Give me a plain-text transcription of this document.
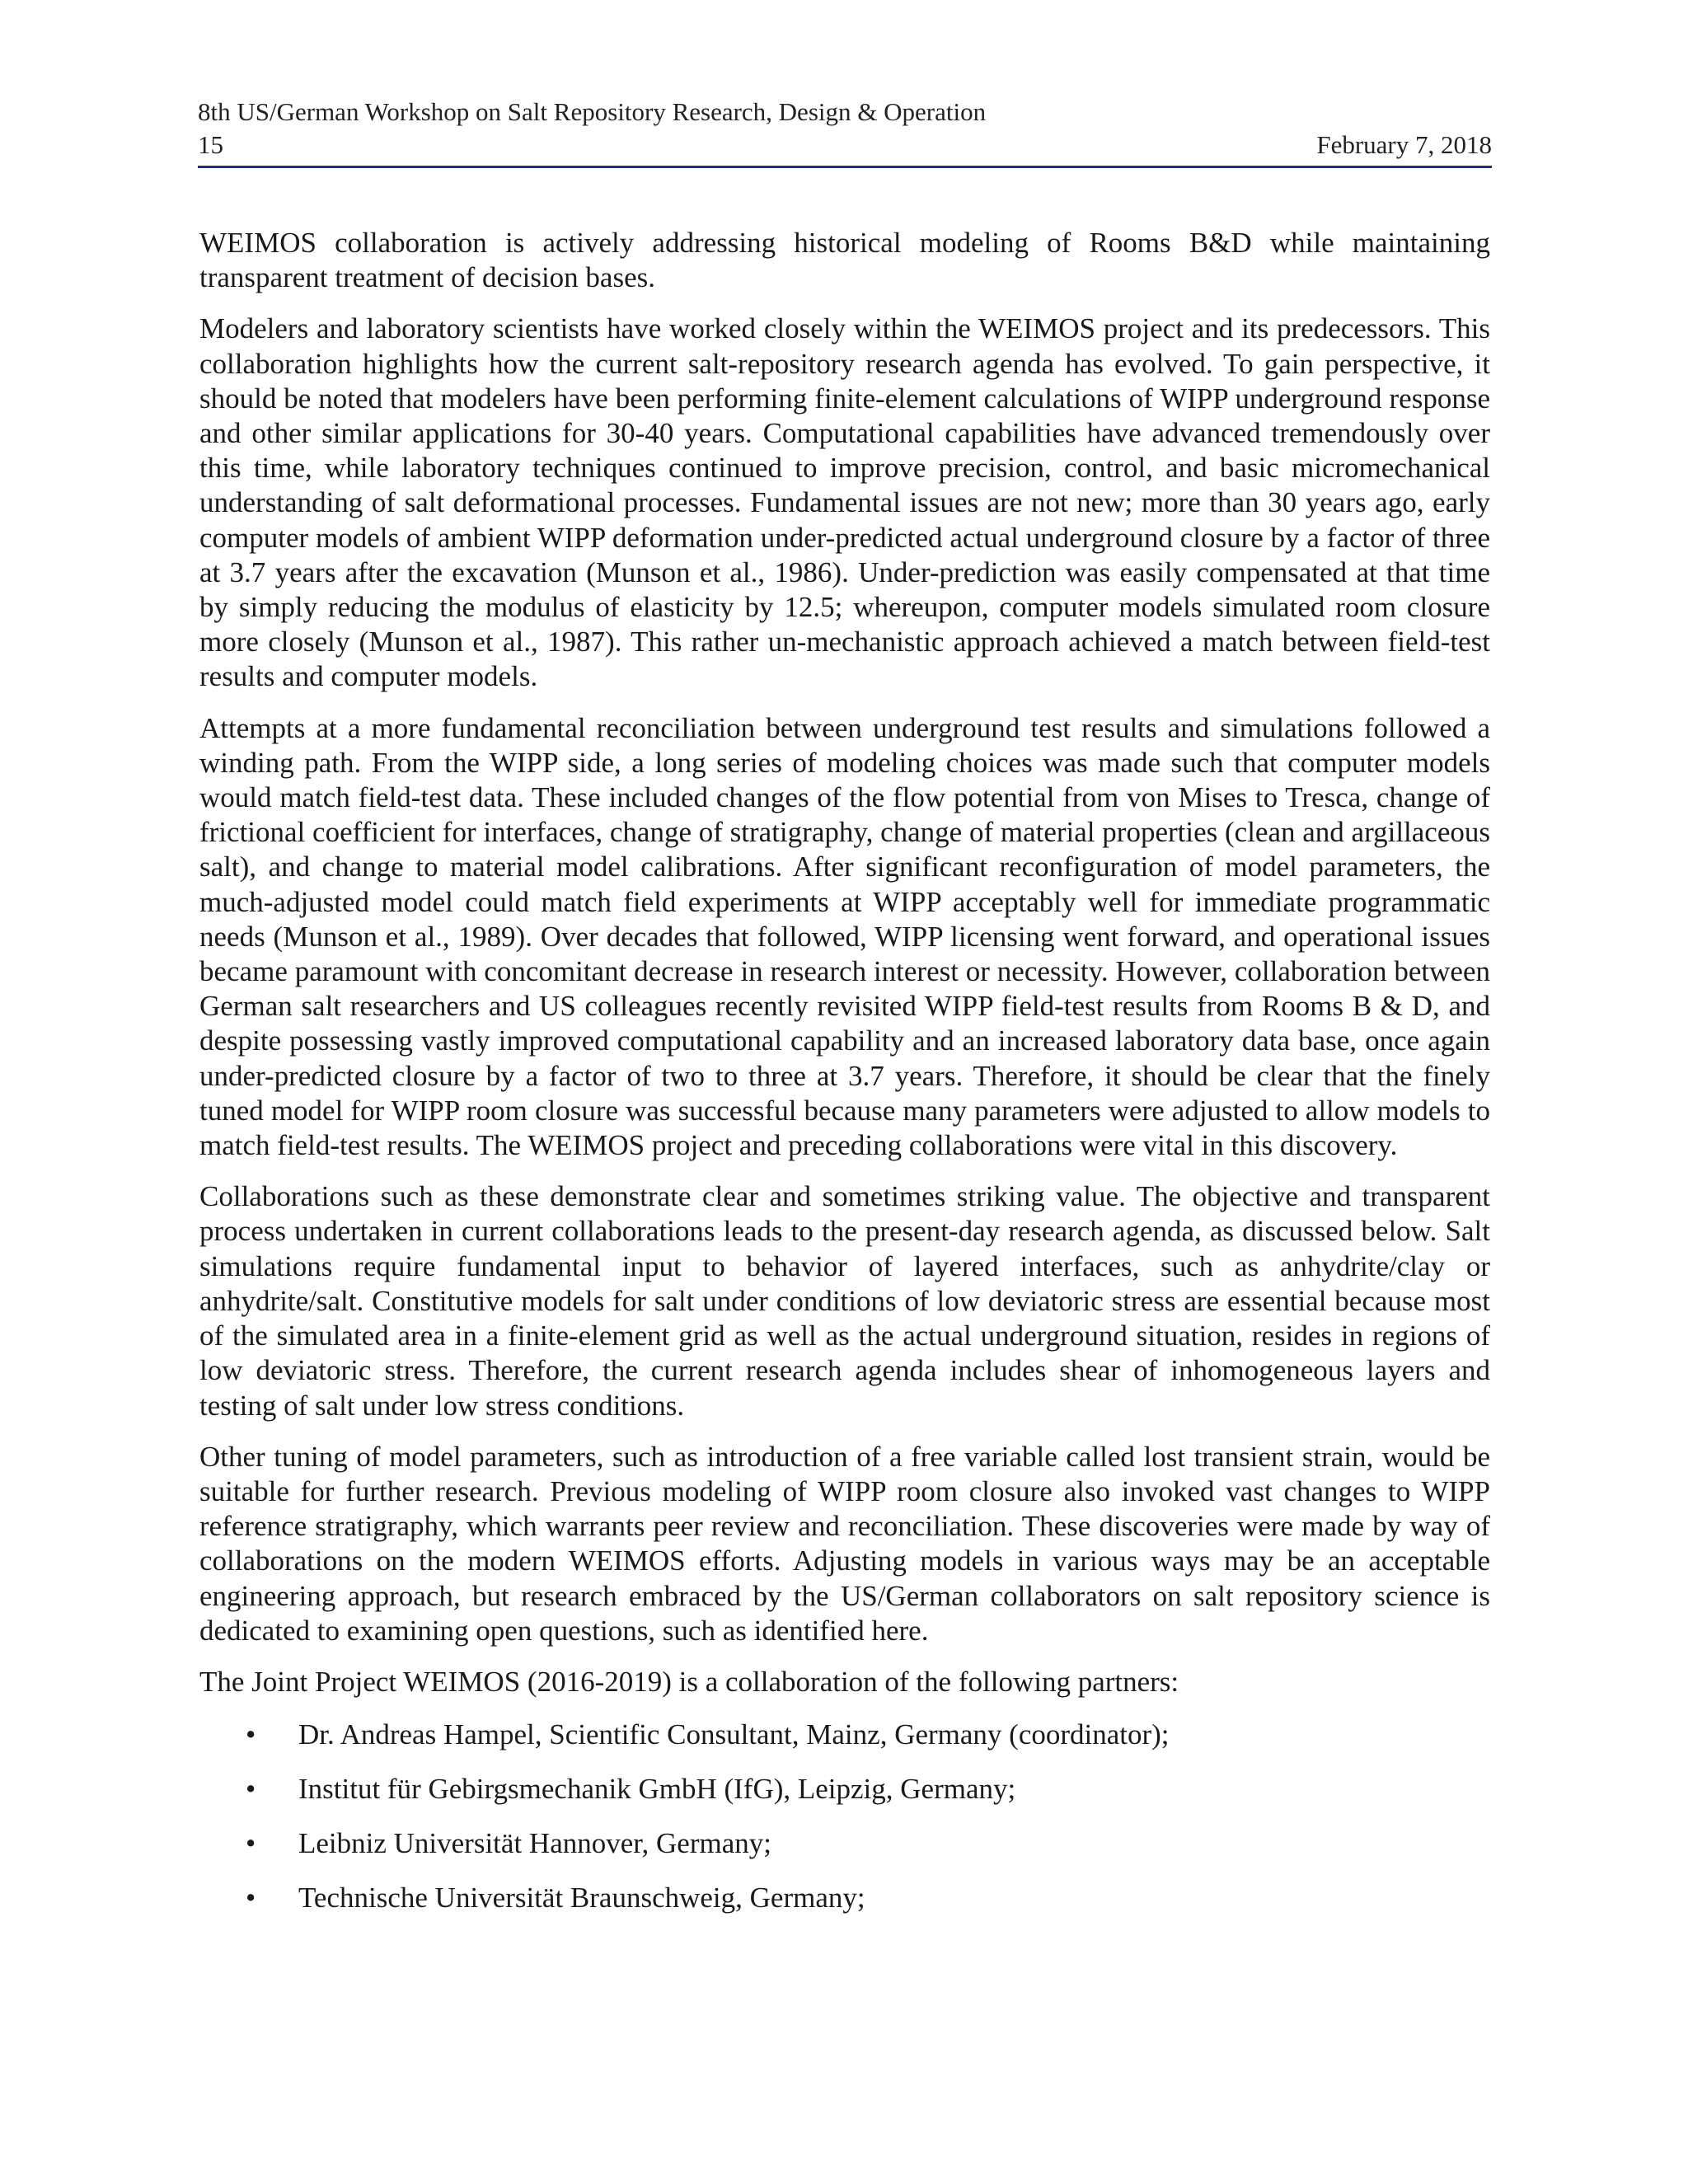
8th US/German Workshop on Salt Repository Research, Design & Operation
15	February 7, 2018

WEIMOS collaboration is actively addressing historical modeling of Rooms B&D while maintaining transparent treatment of decision bases.

Modelers and laboratory scientists have worked closely within the WEIMOS project and its predecessors. This collaboration highlights how the current salt-repository research agenda has evolved. To gain perspective, it should be noted that modelers have been performing finite-element calculations of WIPP underground response and other similar applications for 30-40 years. Computational capabilities have advanced tremendously over this time, while laboratory techniques continued to improve precision, control, and basic micromechanical understanding of salt deformational processes. Fundamental issues are not new; more than 30 years ago, early computer models of ambient WIPP deformation under-predicted actual underground closure by a factor of three at 3.7 years after the excavation (Munson et al., 1986). Under-prediction was easily compensated at that time by simply reducing the modulus of elasticity by 12.5; whereupon, computer models simulated room closure more closely (Munson et al., 1987). This rather un-mechanistic approach achieved a match between field-test results and computer models.

Attempts at a more fundamental reconciliation between underground test results and simulations followed a winding path. From the WIPP side, a long series of modeling choices was made such that computer models would match field-test data. These included changes of the flow potential from von Mises to Tresca, change of frictional coefficient for interfaces, change of stratigraphy, change of material properties (clean and argillaceous salt), and change to material model calibrations. After significant reconfiguration of model parameters, the much-adjusted model could match field experiments at WIPP acceptably well for immediate programmatic needs (Munson et al., 1989). Over decades that followed, WIPP licensing went forward, and operational issues became paramount with concomitant decrease in research interest or necessity. However, collaboration between German salt researchers and US colleagues recently revisited WIPP field-test results from Rooms B & D, and despite possessing vastly improved computational capability and an increased laboratory data base, once again under-predicted closure by a factor of two to three at 3.7 years. Therefore, it should be clear that the finely tuned model for WIPP room closure was successful because many parameters were adjusted to allow models to match field-test results. The WEIMOS project and preceding collaborations were vital in this discovery.

Collaborations such as these demonstrate clear and sometimes striking value. The objective and transparent process undertaken in current collaborations leads to the present-day research agenda, as discussed below. Salt simulations require fundamental input to behavior of layered interfaces, such as anhydrite/clay or anhydrite/salt. Constitutive models for salt under conditions of low deviatoric stress are essential because most of the simulated area in a finite-element grid as well as the actual underground situation, resides in regions of low deviatoric stress. Therefore, the current research agenda includes shear of inhomogeneous layers and testing of salt under low stress conditions.

Other tuning of model parameters, such as introduction of a free variable called lost transient strain, would be suitable for further research. Previous modeling of WIPP room closure also invoked vast changes to WIPP reference stratigraphy, which warrants peer review and reconciliation. These discoveries were made by way of collaborations on the modern WEIMOS efforts. Adjusting models in various ways may be an acceptable engineering approach, but research embraced by the US/German collaborators on salt repository science is dedicated to examining open questions, such as identified here.

The Joint Project WEIMOS (2016-2019) is a collaboration of the following partners:

• Dr. Andreas Hampel, Scientific Consultant, Mainz, Germany (coordinator);
• Institut für Gebirgsmechanik GmbH (IfG), Leipzig, Germany;
• Leibniz Universität Hannover, Germany;
• Technische Universität Braunschweig, Germany;
